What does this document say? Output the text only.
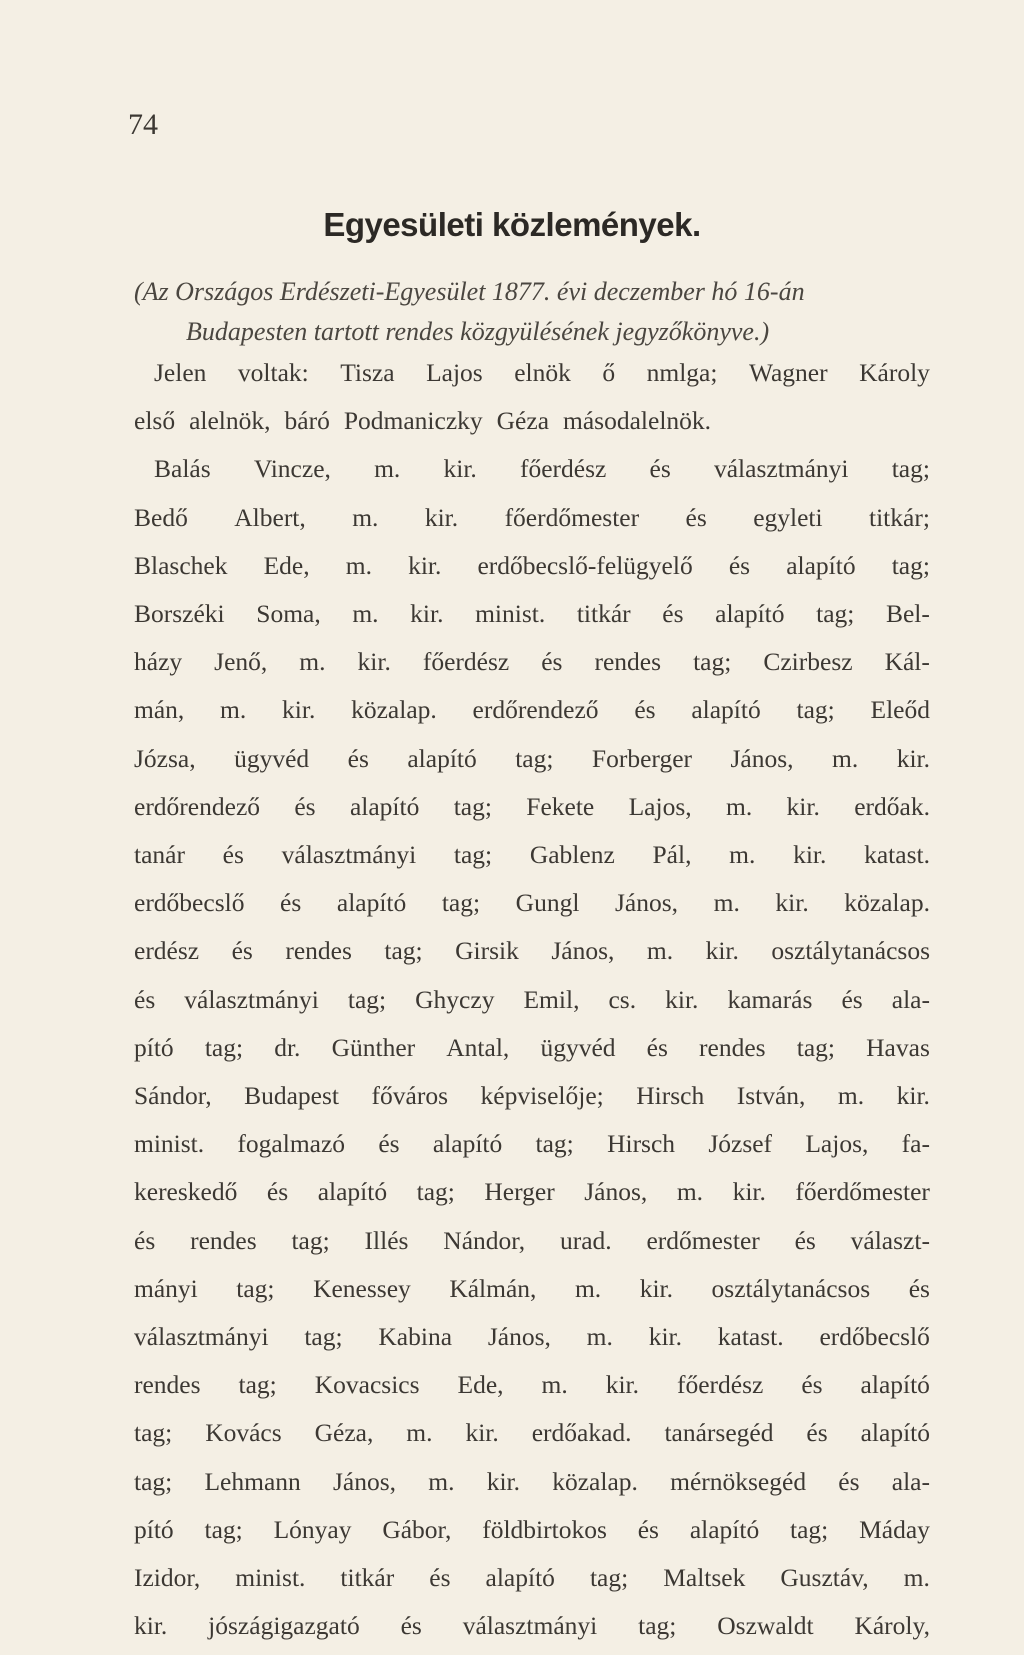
74
Egyesületi közlemények.
(Az Országos Erdészeti-Egyesület 1877. évi deczember hó 16-án
Budapesten tartott rendes közgyülésének jegyzőkönyve.)
Jelen voltak: Tisza Lajos elnök ő nmlga; Wagner Károly
első alelnök, báró Podmaniczky Géza másodalelnök.
Balás Vincze, m. kir. főerdész és választmányi tag;
Bedő Albert, m. kir. főerdőmester és egyleti titkár;
Blaschek Ede, m. kir. erdőbecslő-felügyelő és alapító tag;
Borszéki Soma, m. kir. minist. titkár és alapító tag; Bel-
házy Jenő, m. kir. főerdész és rendes tag; Czirbesz Kál-
mán, m. kir. közalap. erdőrendező és alapító tag; Eleőd
Józsa, ügyvéd és alapító tag; Forberger János, m. kir.
erdőrendező és alapító tag; Fekete Lajos, m. kir. erdőak.
tanár és választmányi tag; Gablenz Pál, m. kir. katast.
erdőbecslő és alapító tag; Gungl János, m. kir. közalap.
erdész és rendes tag; Girsik János, m. kir. osztálytanácsos
és választmányi tag; Ghyczy Emil, cs. kir. kamarás és ala-
pító tag; dr. Günther Antal, ügyvéd és rendes tag; Havas
Sándor, Budapest főváros képviselője; Hirsch István, m. kir.
minist. fogalmazó és alapító tag; Hirsch József Lajos, fa-
kereskedő és alapító tag; Herger János, m. kir. főerdőmester
és rendes tag; Illés Nándor, urad. erdőmester és választ-
mányi tag; Kenessey Kálmán, m. kir. osztálytanácsos és
választmányi tag; Kabina János, m. kir. katast. erdőbecslő
rendes tag; Kovacsics Ede, m. kir. főerdész és alapító
tag; Kovács Géza, m. kir. erdőakad. tanársegéd és alapító
tag; Lehmann János, m. kir. közalap. mérnöksegéd és ala-
pító tag; Lónyay Gábor, földbirtokos és alapító tag; Máday
Izidor, minist. titkár és alapító tag; Maltsek Gusztáv, m.
kir. jószágigazgató és választmányi tag; Oszwaldt Károly,
